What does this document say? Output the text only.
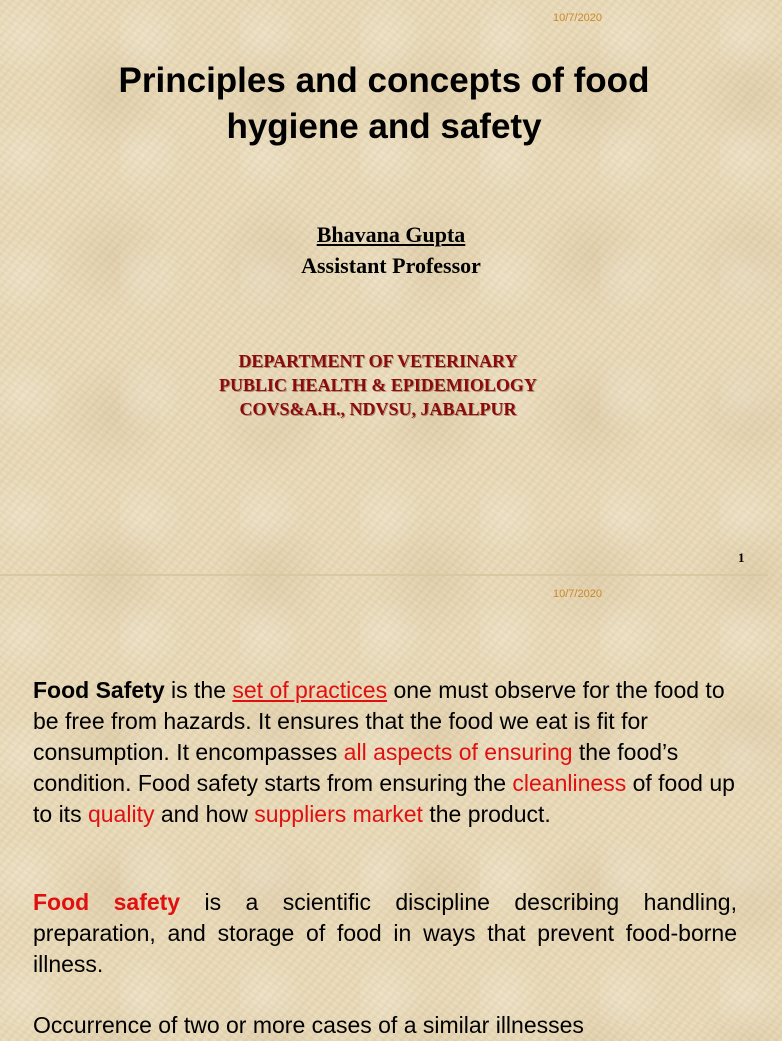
10/7/2020
Principles and concepts of food
hygiene and safety
Bhavana Gupta
Assistant Professor
DEPARTMENT OF VETERINARY
PUBLIC HEALTH & EPIDEMIOLOGY
COVS&A.H., NDVSU, JABALPUR
1
10/7/2020

Food Safety is the set of practices one must observe for the food to be free from hazards. It ensures that the food we eat is fit for consumption. It encompasses all aspects of ensuring the food’s condition. Food safety starts from ensuring the cleanliness of food up to its quality and how suppliers market the product.

Food safety is a scientific discipline describing handling, preparation, and storage of food in ways that prevent food-borne illness.

Occurrence of two or more cases of a similar illnesses
